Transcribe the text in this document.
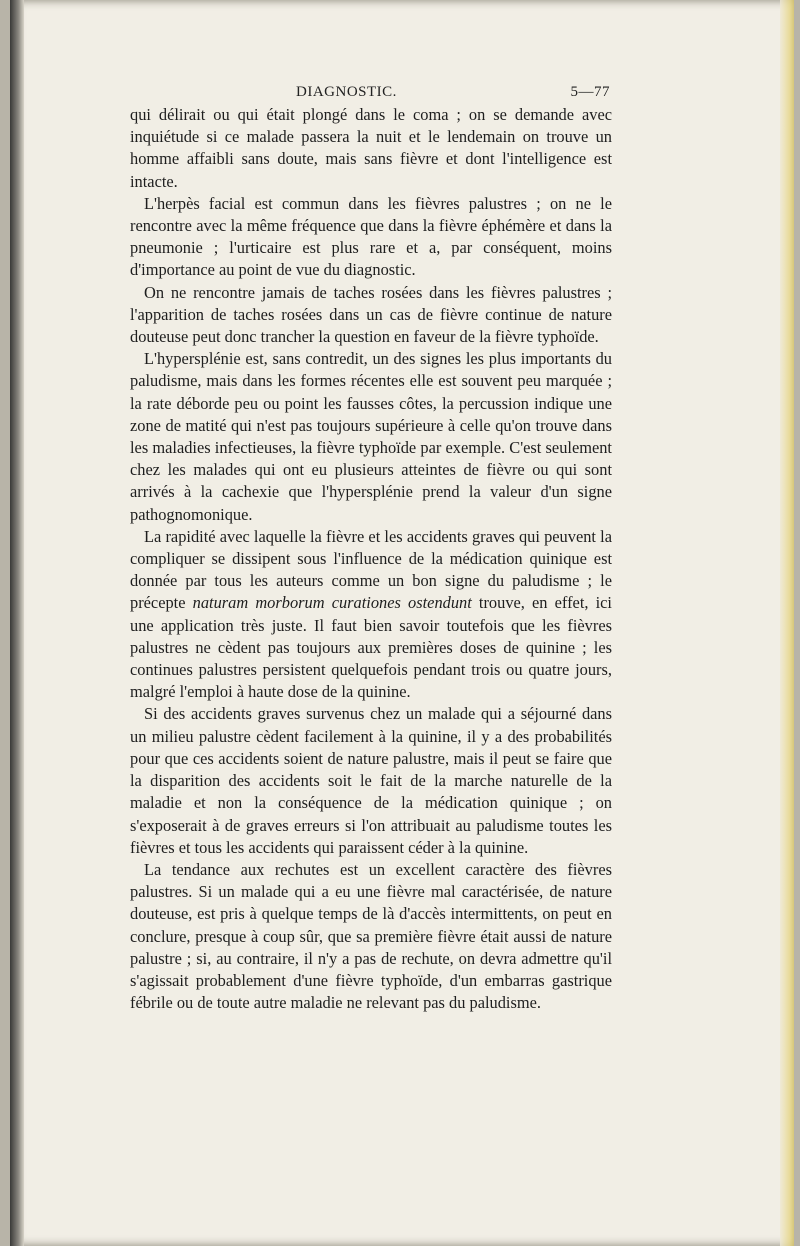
DIAGNOSTIC.	5—77

qui délirait ou qui était plongé dans le coma ; on se demande avec inquiétude si ce malade passera la nuit et le lendemain on trouve un homme affaibli sans doute, mais sans fièvre et dont l'intelligence est intacte.

L'herpès facial est commun dans les fièvres palustres ; on ne le rencontre avec la même fréquence que dans la fièvre éphémère et dans la pneumonie ; l'urticaire est plus rare et a, par conséquent, moins d'importance au point de vue du diagnostic.

On ne rencontre jamais de taches rosées dans les fièvres palustres ; l'apparition de taches rosées dans un cas de fièvre continue de nature douteuse peut donc trancher la question en faveur de la fièvre typhoïde.

L'hypersplénie est, sans contredit, un des signes les plus importants du paludisme, mais dans les formes récentes elle est souvent peu marquée ; la rate déborde peu ou point les fausses côtes, la percussion indique une zone de matité qui n'est pas toujours supérieure à celle qu'on trouve dans les maladies infectieuses, la fièvre typhoïde par exemple. C'est seulement chez les malades qui ont eu plusieurs atteintes de fièvre ou qui sont arrivés à la cachexie que l'hypersplénie prend la valeur d'un signe pathognomonique.

La rapidité avec laquelle la fièvre et les accidents graves qui peuvent la compliquer se dissipent sous l'influence de la médication quinique est donnée par tous les auteurs comme un bon signe du paludisme ; le précepte naturam morborum curationes ostendunt trouve, en effet, ici une application très juste. Il faut bien savoir toutefois que les fièvres palustres ne cèdent pas toujours aux premières doses de quinine ; les continues palustres persistent quelquefois pendant trois ou quatre jours, malgré l'emploi à haute dose de la quinine.

Si des accidents graves survenus chez un malade qui a séjourné dans un milieu palustre cèdent facilement à la quinine, il y a des probabilités pour que ces accidents soient de nature palustre, mais il peut se faire que la disparition des accidents soit le fait de la marche naturelle de la maladie et non la conséquence de la médication quinique ; on s'exposerait à de graves erreurs si l'on attribuait au paludisme toutes les fièvres et tous les accidents qui paraissent céder à la quinine.

La tendance aux rechutes est un excellent caractère des fièvres palustres. Si un malade qui a eu une fièvre mal caractérisée, de nature douteuse, est pris à quelque temps de là d'accès intermittents, on peut en conclure, presque à coup sûr, que sa première fièvre était aussi de nature palustre ; si, au contraire, il n'y a pas de rechute, on devra admettre qu'il s'agissait probablement d'une fièvre typhoïde, d'un embarras gastrique fébrile ou de toute autre maladie ne relevant pas du paludisme.
